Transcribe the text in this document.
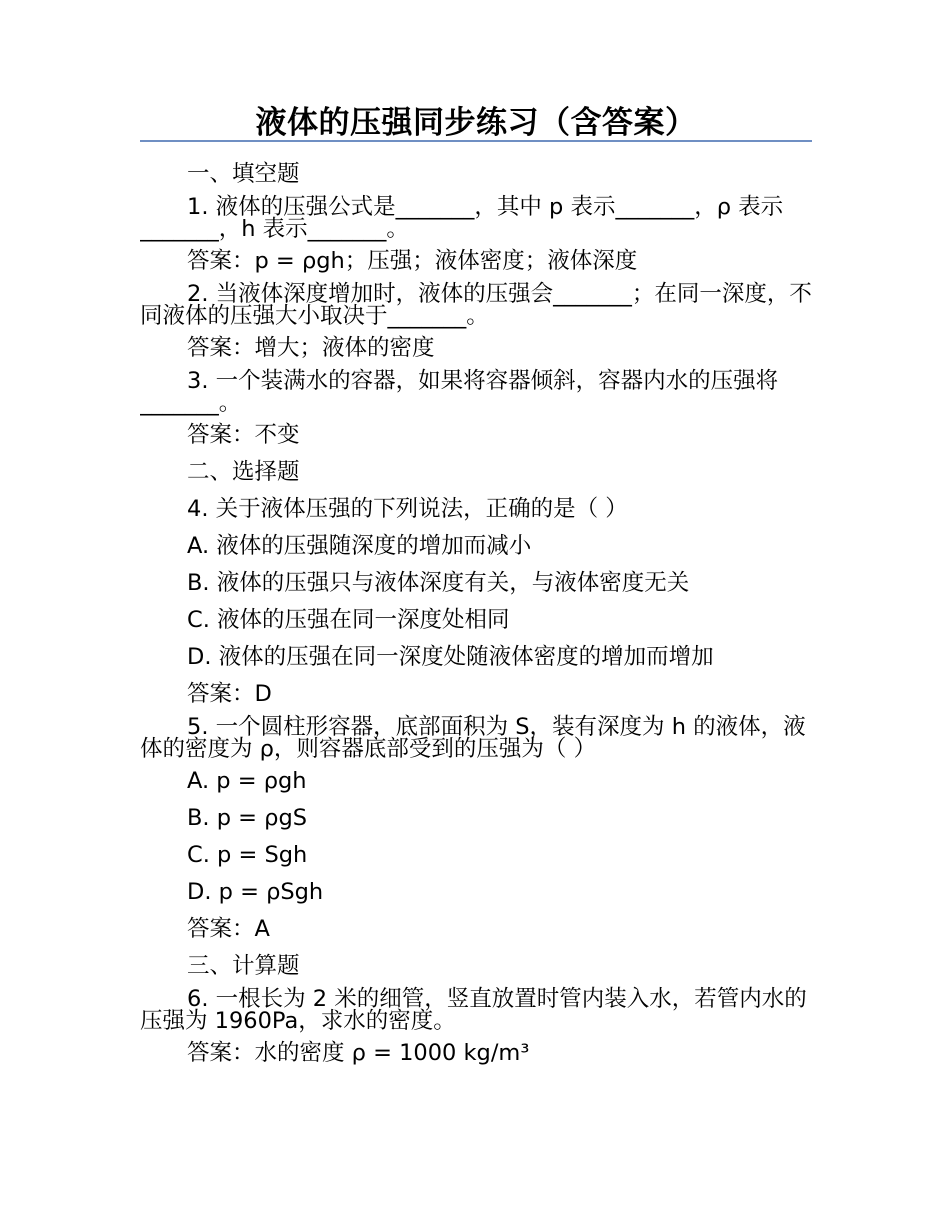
液体的压强同步练习（含答案）

一、填空题

1. 液体的压强公式是_______，其中 p 表示_______，ρ 表示_______，h 表示_______。

答案：p = ρgh；压强；液体密度；液体深度

2. 当液体深度增加时，液体的压强会_______；在同一深度，不同液体的压强大小取决于_______。

答案：增大；液体的密度

3. 一个装满水的容器，如果将容器倾斜，容器内水的压强将_______。

答案：不变

二、选择题

4. 关于液体压强的下列说法，正确的是（ ）

A. 液体的压强随深度的增加而减小

B. 液体的压强只与液体深度有关，与液体密度无关

C. 液体的压强在同一深度处相同

D. 液体的压强在同一深度处随液体密度的增加而增加

答案：D

5. 一个圆柱形容器，底部面积为 S，装有深度为 h 的液体，液体的密度为 ρ，则容器底部受到的压强为（ ）

A. p = ρgh

B. p = ρgS

C. p = Sgh

D. p = ρSgh

答案：A

三、计算题

6. 一根长为 2 米的细管，竖直放置时管内装入水，若管内水的压强为 1960Pa，求水的密度。

答案：水的密度 ρ = 1000 kg/m³
